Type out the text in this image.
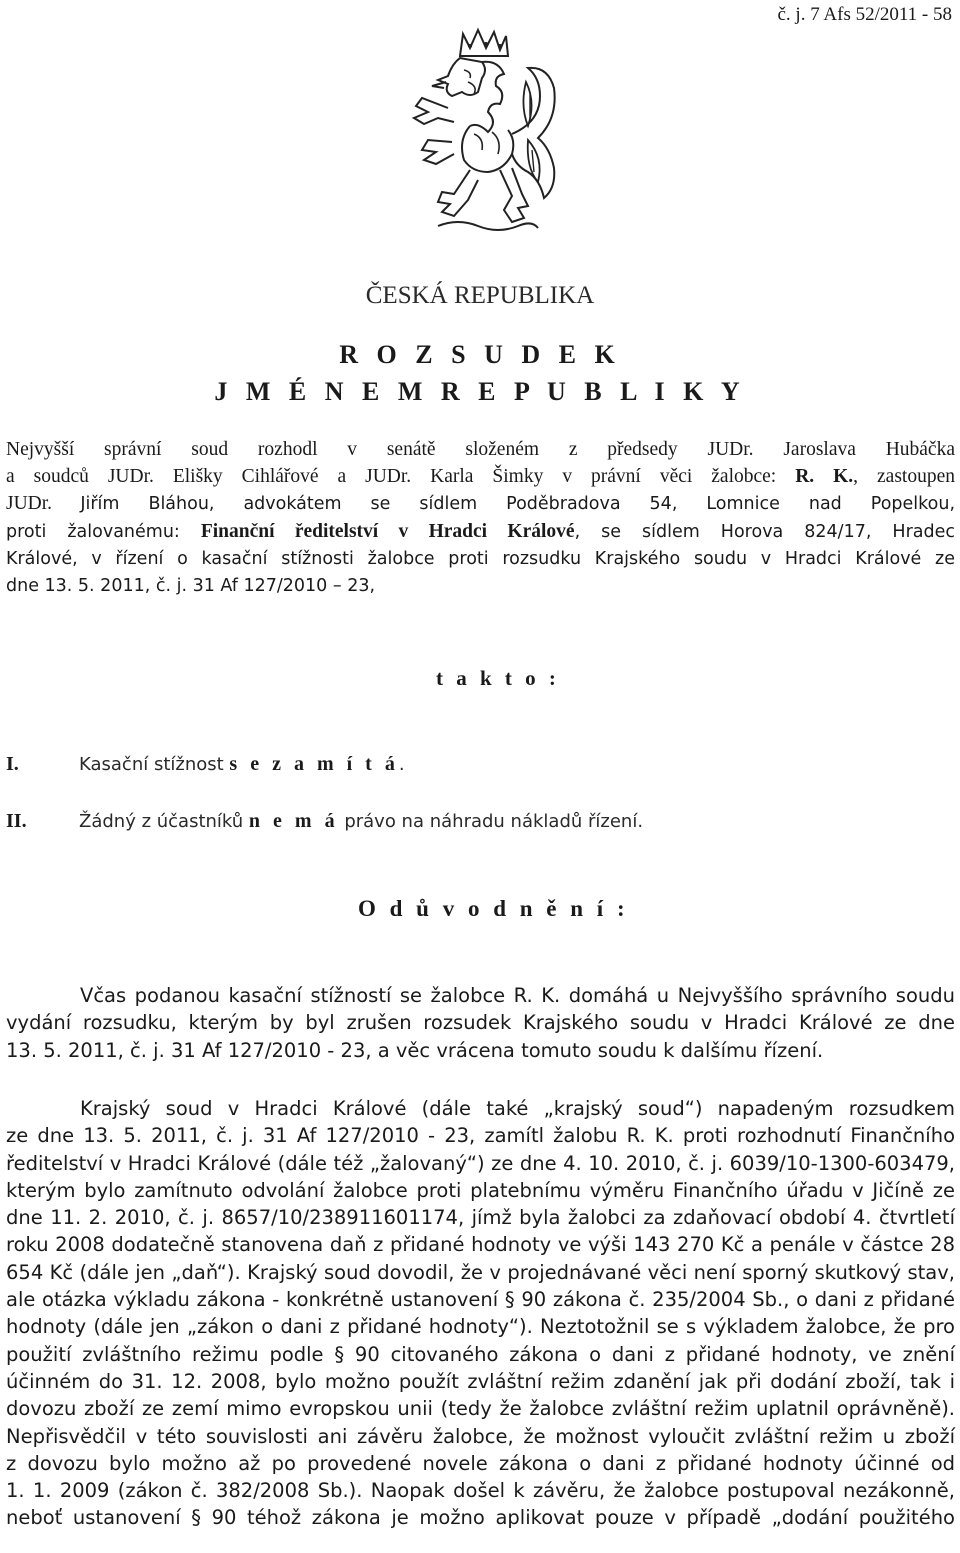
č. j. 7 Afs 52/2011 - 58
ČESKÁ REPUBLIKA
R O Z S U D E K
J M É N E M R E P U B L I K Y
Nejvyšší správní soud rozhodl v senátě složeném z předsedy JUDr. Jaroslava Hubáčka
a soudců JUDr. Elišky Cihlářové a JUDr. Karla Šimky v právní věci žalobce: R. K., zastoupen
JUDr. Jiřím Bláhou, advokátem se sídlem Poděbradova 54, Lomnice nad Popelkou,
proti žalovanému: Finanční ředitelství v Hradci Králové, se sídlem Horova 824/17, Hradec
Králové, v řízení o kasační stížnosti žalobce proti rozsudku Krajského soudu v Hradci Králové ze
dne 13. 5. 2011, č. j. 31 Af 127/2010 – 23,
t a k t o :
I.	Kasační stížnost s e z a m í t á.
II.	Žádný z účastníků n e m á právo na náhradu nákladů řízení.
O d ů v o d n ě n í :
Včas podanou kasační stížností se žalobce R. K. domáhá u Nejvyššího správního soudu
vydání rozsudku, kterým by byl zrušen rozsudek Krajského soudu v Hradci Králové ze dne
13. 5. 2011, č. j. 31 Af 127/2010 - 23, a věc vrácena tomuto soudu k dalšímu řízení.
Krajský soud v Hradci Králové (dále také „krajský soud“) napadeným rozsudkem
ze dne 13. 5. 2011, č. j. 31 Af 127/2010 - 23, zamítl žalobu R. K. proti rozhodnutí Finančního
ředitelství v Hradci Králové (dále též „žalovaný“) ze dne 4. 10. 2010, č. j. 6039/10-1300-603479,
kterým bylo zamítnuto odvolání žalobce proti platebnímu výměru Finančního úřadu v Jičíně ze
dne 11. 2. 2010, č. j. 8657/10/238911601174, jímž byla žalobci za zdaňovací období 4. čtvrtletí
roku 2008 dodatečně stanovena daň z přidané hodnoty ve výši 143 270 Kč a penále v částce 28
654 Kč (dále jen „daň“). Krajský soud dovodil, že v projednávané věci není sporný skutkový stav,
ale otázka výkladu zákona - konkrétně ustanovení § 90 zákona č. 235/2004 Sb., o dani z přidané
hodnoty (dále jen „zákon o dani z přidané hodnoty“). Neztotožnil se s výkladem žalobce, že pro
použití zvláštního režimu podle § 90 citovaného zákona o dani z přidané hodnoty, ve znění
účinném do 31. 12. 2008, bylo možno použít zvláštní režim zdanění jak při dodání zboží, tak i
dovozu zboží ze zemí mimo evropskou unii (tedy že žalobce zvláštní režim uplatnil oprávněně).
Nepřisvědčil v této souvislosti ani závěru žalobce, že možnost vyloučit zvláštní režim u zboží
z dovozu bylo možno až po provedené novele zákona o dani z přidané hodnoty účinné od
1. 1. 2009 (zákon č. 382/2008 Sb.). Naopak došel k závěru, že žalobce postupoval nezákonně,
neboť ustanovení § 90 téhož zákona je možno aplikovat pouze v případě „dodání použitého
